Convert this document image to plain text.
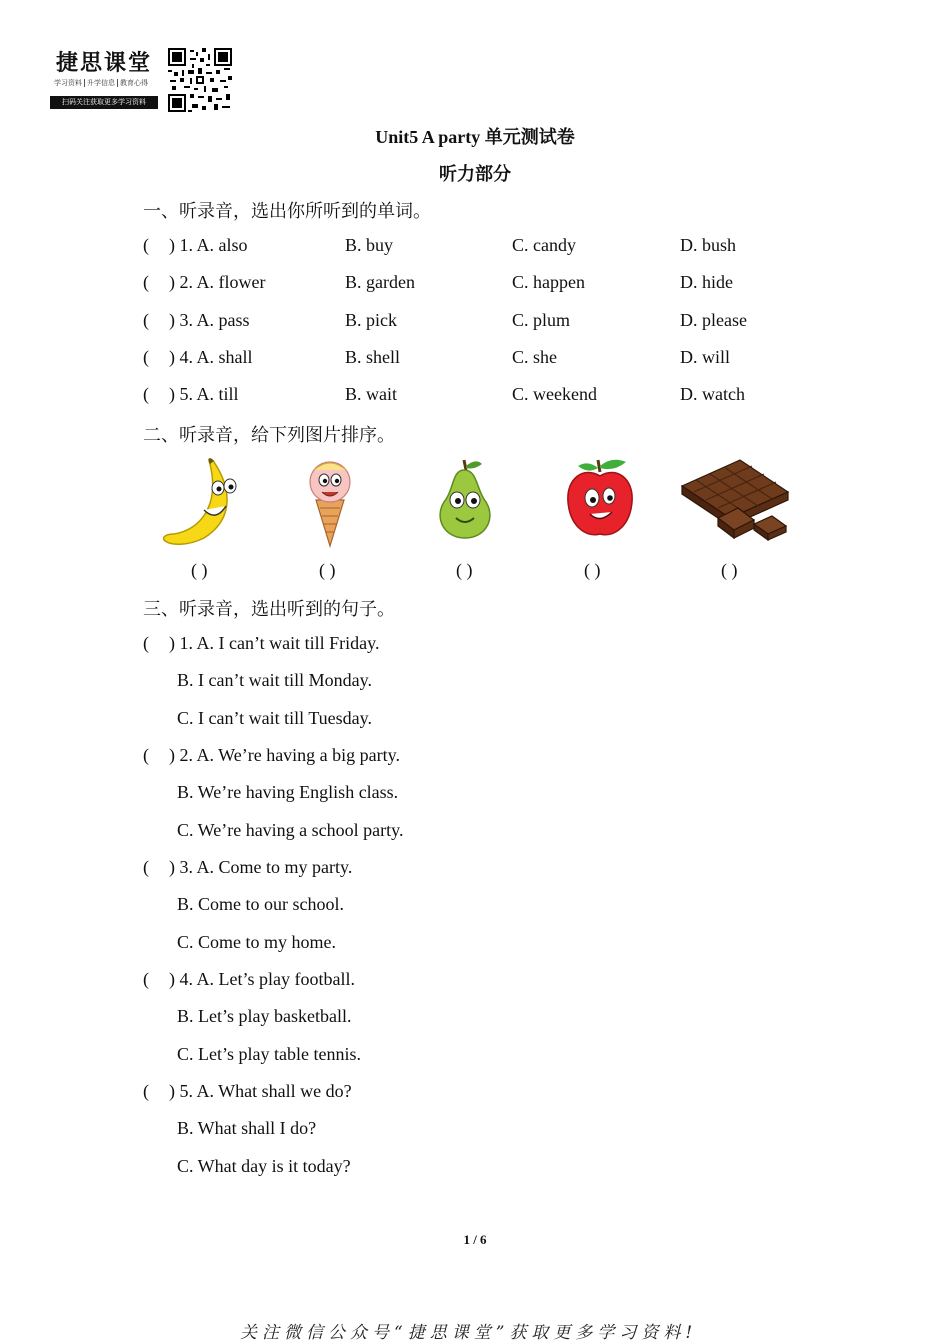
捷思课堂
学习资料 升学信息 教育心得
扫码关注获取更多学习资料
Unit5 A party 单元测试卷
听力部分
一、听录音，选出你所听到的单词。
( ) 1. A. also	B. buy	C. candy	D. bush
( ) 2. A. flower	B. garden	C. happen	D. hide
( ) 3. A. pass	B. pick	C. plum	D. please
( ) 4. A. shall	B. shell	C. she	D. will
( ) 5. A. till	B. wait	C. weekend	D. watch
二、听录音，给下列图片排序。
( )	( )	( )	( )	( )
三、听录音，选出听到的句子。
( ) 1. A. I can’t wait till Friday.
B. I can’t wait till Monday.
C. I can’t wait till Tuesday.
( ) 2. A. We’re having a big party.
B. We’re having English class.
C. We’re having a school party.
( ) 3. A. Come to my party.
B. Come to our school.
C. Come to my home.
( ) 4. A. Let’s play football.
B. Let’s play basketball.
C. Let’s play table tennis.
( ) 5. A. What shall we do?
B. What shall I do?
C. What day is it today?
1 / 6
关注微信公众号“捷思课堂”获取更多学习资料!
